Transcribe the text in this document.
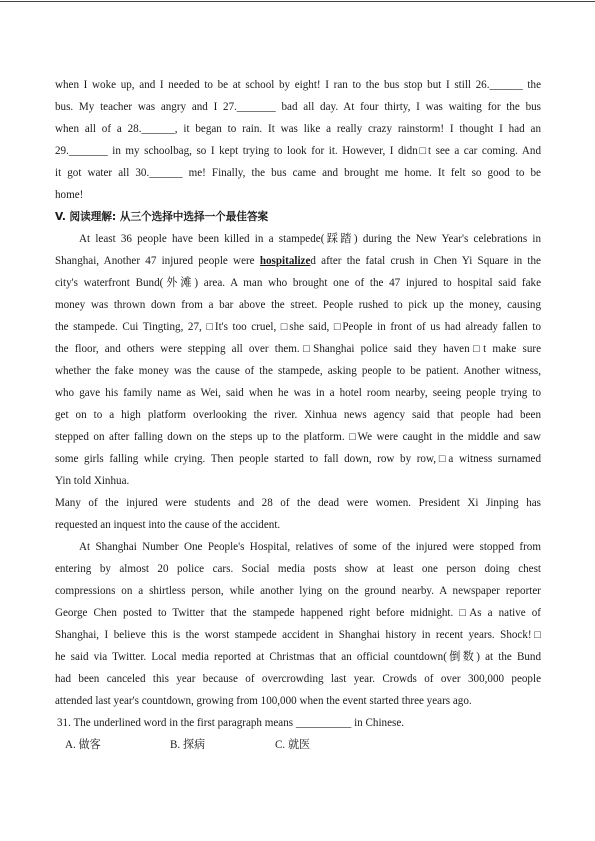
when I woke up, and I needed to be at school by eight! I ran to the bus stop but I still 26.______ the
bus. My teacher was angry and I 27._______ bad all day. At four thirty, I was waiting for the bus
when all of a 28.______, it began to rain. It was like a really crazy rainstorm! I thought I had an
29._______ in my schoolbag, so I kept trying to look for it. However, I didn□t see a car coming. And
it got water all 30.______ me! Finally, the bus came and brought me home. It felt so good to be
home!
V. 阅读理解: 从三个选择中选择一个最佳答案
At least 36 people have been killed in a stampede(踩踏) during the New Year's celebrations in
Shanghai, Another 47 injured people were hospitalized after the fatal crush in Chen Yi Square in the
city's waterfront Bund(外滩) area. A man who brought one of the 47 injured to hospital said fake
money was thrown down from a bar above the street. People rushed to pick up the money, causing
the stampede. Cui Tingting, 27, □It's too cruel, □she said, □People in front of us had already fallen to
the floor, and others were stepping all over them.□Shanghai police said they haven□t make sure
whether the fake money was the cause of the stampede, asking people to be patient. Another witness,
who gave his family name as Wei, said when he was in a hotel room nearby, seeing people trying to
get on to a high platform overlooking the river. Xinhua news agency said that people had been
stepped on after falling down on the steps up to the platform. □We were caught in the middle and saw
some girls falling while crying. Then people started to fall down, row by row,□a witness surnamed
Yin told Xinhua.
Many of the injured were students and 28 of the dead were women. President Xi Jinping has
requested an inquest into the cause of the accident.
At Shanghai Number One People's Hospital, relatives of some of the injured were stopped from
entering by almost 20 police cars. Social media posts show at least one person doing chest
compressions on a shirtless person, while another lying on the ground nearby. A newspaper reporter
George Chen posted to Twitter that the stampede happened right before midnight. □As a native of
Shanghai, I believe this is the worst stampede accident in Shanghai history in recent years. Shock!□
he said via Twitter. Local media reported at Christmas that an official countdown(倒数) at the Bund
had been canceled this year because of overcrowding last year. Crowds of over 300,000 people
attended last year's countdown, growing from 100,000 when the event started three years ago.
31. The underlined word in the first paragraph means __________ in Chinese.
A. 做客	B. 探病	C. 就医
